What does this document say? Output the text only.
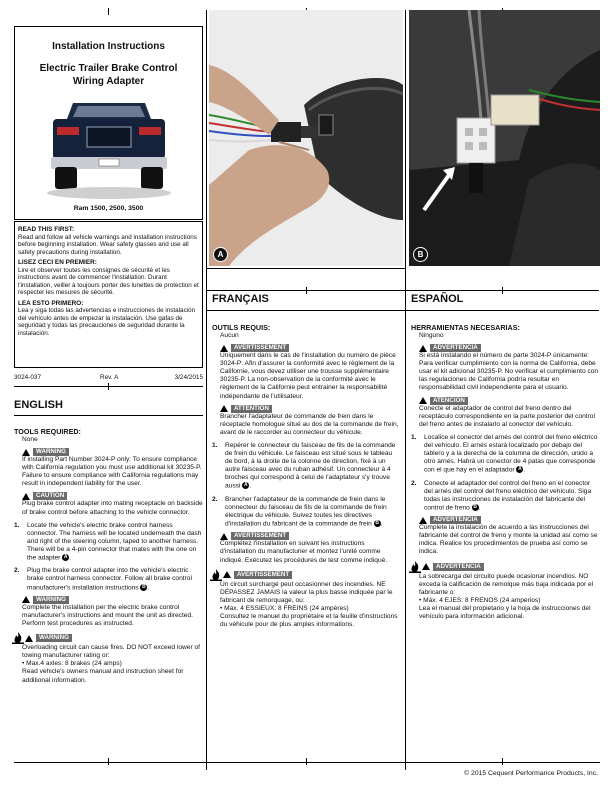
Installation Instructions
Electric Trailer Brake Control
Wiring Adapter
Ram 1500, 2500, 3500

READ THIS FIRST:

Read and follow all vehicle warnings and installation instructions before beginning installation. Wear safety glasses and use all safety precautions during installation.

LISEZ CECI EN PREMIER:

Lire et observer toutes les consignes de sécurité et les instructions avant de commencer l'installation. Durant l'installation, veiller à toujours porter des lunettes de protection et respecter les mesures de sécurité.

LEA ESTO PRIMERO:

Lea y siga todas las advertencias e instrucciones de instalación del vehículo antes de empezar la instalación. Use gafas de seguridad y todas las precauciones de seguridad durante la instalación.

3024-037	Rev. A	3/24/2015
ENGLISH

TOOLS REQUIRED:

None

WARNING

If installing Part Number 3024-P only: To ensure compliance with California regulation you must use additional kit 30235-P. Failure to ensure compliance with California regulations may result in independent liability for the user.

CAUTION

Plug brake control adapter into mating receptacle on backside of brake control before attaching to the vehicle connector.

1. Locate the vehicle's electric brake control harness connector. The harness will be located underneath the dash and right of the steering column, taped to another harness. There will be a 4-pin connector that mates with the one on the adapter A .

2. Plug the brake control adapter into the vehicle's electric brake control harness connector. Follow all brake control manufacturer's installation instructions B .

WARNING

Complete the installation per the electric brake control manufacturer's instructions and mount the unit as directed. Perform test procedures as instructed.

WARNING

Overloading circuit can cause fires. DO NOT exceed lower of towing manufacturer rating or:

• Max.4 axles: 8 brakes (24 amps)

Read vehicle's owners manual and instruction sheet for additional information.

A	B
FRANÇAIS

OUTILS REQUIS:

Aucun

AVERTISSEMENT

Uniquement dans le cas de l'installation du numéro de pièce 3024-P: Afin d'assurer la conformité avec le règlement de la Californie, vous devez utiliser une trousse supplémentaire 30235-P. La non-observation de la conformité avec le règlement de la Californie peut entrainer la responsabilité indépendante de l'utilisateur.

ATTENTION

Brancher l'adaptateur de commande de frein dans le réceptacle homologue situé au dos de la commande de frein, avant de le raccorder au connecteur du véhicule.

1. Repérer le connecteur du faisceau de fils de la commande de frein du véhicule. Le faisceau est situé sous le tableau de bord, à la droite de la colonne de direction, fixé à un autre faisceau avec du ruban adhésif. Un connecteur à 4 broches qui correspond à celui de l'adaptateur s'y trouve aussi A .

2. Brancher l'adaptateur de la commande de frein dans le connecteur du faisceau de fils de la commande de frein électrique du véhicule. Suivez toutes les directives d'installation du fabricant de la commande de frein B .

AVERTISSEMENT

Complétez l'installation en suivant les instructions d'installation du manufacturier et montez l'unité comme indiqué. Exécutez les procédures de test comme indiqué.

AVERTISSEMENT

Un circuit surchargé peut occasionner des incendies. NE DÉPASSEZ JAMAIS la valeur la plus basse indiquée par le fabricant de remorquage, ou:

• Max. 4 ESSIEUX: 8 FREINS (24 ampères)

Consultez le manuel du propriétaire et la feuille d'instructions du véhicule pour de plus amples informations.

ESPAÑOL

HERRAMIENTAS NECESARIAS:

Ninguno

ADVERTENCIA

Si está instalando el número de parte 3024-P únicamente: Para verificar cumplimiento con la norma de California, debe usar el kit adicional 30235-P. No verificar el cumplimiento con las regulaciones de California podría resultar en responsabilidad civil independiente para el usuario.

ATENCIÓN

Conecte el adaptador de control del freno dentro del receptáculo correspondiente en la parte posterior del control del freno antes de instalarlo al conector del vehículo.

1. Localice el conector del arnés del control del freno eléctrico del vehículo. El arnés estará localizado por debajo del tablero y a la derecha de la columna de dirección, unido a otro arnés. Habrá un conector de 4 patas que corresponde con el que hay en el adaptador A .

2. Conecte el adaptador del control del freno en el conector del arnés del control del freno eléctrico del vehículo. Siga todas las instrucciones de instalación del fabricante del control de freno B .

ADVERTENCIA

Complete la instalación de acuerdo a las instrucciones del fabricante del control de freno y monte la unidad así como se indica. Realice los procedimientos de prueba así como se indica.

ADVERTENCIA

La sobrecarga del circuito puede ocasionar incendios. NO exceda la calificación de remolque más baja indicada por el fabricante o:

• Máx. 4 EJES: 8 FRENOS (24 amperios)

Lea el manual del propietario y la hoja de instrucciones del vehículo para información adicional.

© 2015 Cequent Performance Products, Inc.
